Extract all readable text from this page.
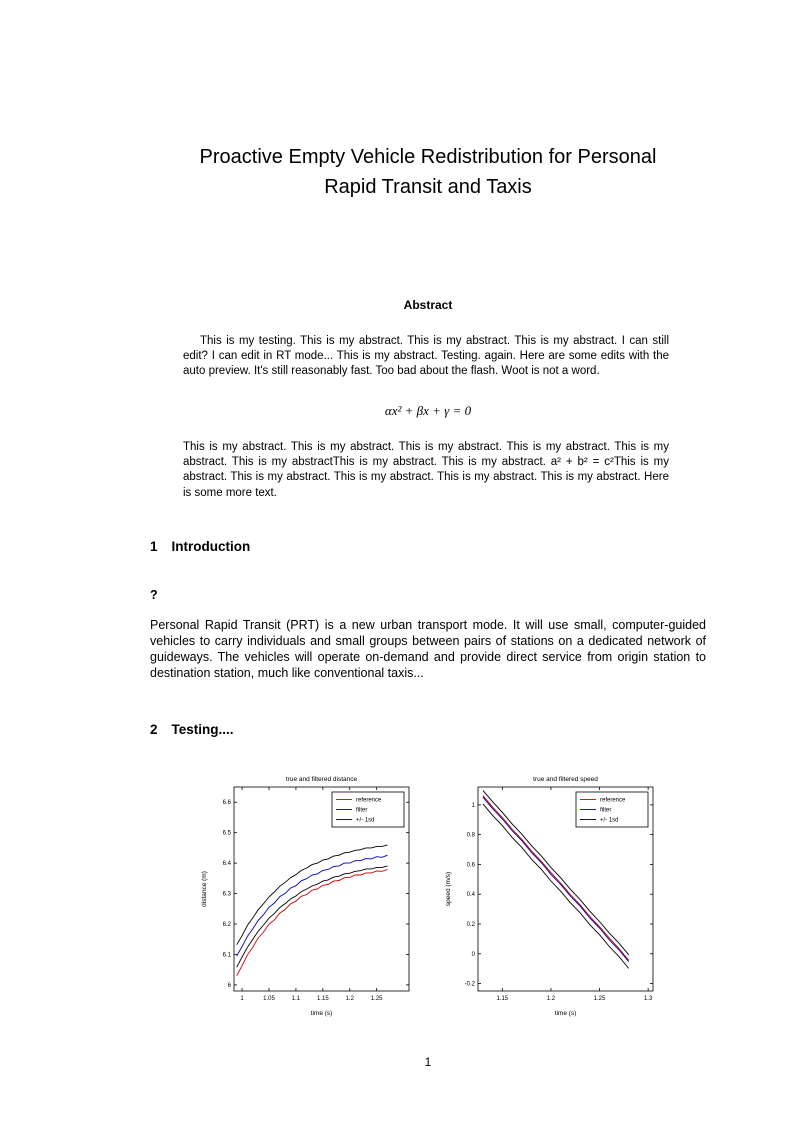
Proactive Empty Vehicle Redistribution for Personal
Rapid Transit and Taxis
Abstract

This is my testing. This is my abstract. This is my abstract. This is my abstract. I can still edit? I can edit in RT mode... This is my abstract. Testing. again. Here are some edits with the auto preview. It's still reasonably fast. Too bad about the flash. Woot is not a word.

αx² + βx + γ = 0

This is my abstract. This is my abstract. This is my abstract. This is my abstract. This is my abstract. This is my abstractThis is my abstract. This is my abstract. a² + b² = c²This is my abstract. This is my abstract. This is my abstract. This is my abstract. This is my abstract. Here is some more text.

1 Introduction

?

Personal Rapid Transit (PRT) is a new urban transport mode. It will use small, computer-guided vehicles to carry individuals and small groups between pairs of stations on a dedicated network of guideways. The vehicles will operate on-demand and provide direct service from origin station to destination station, much like conventional taxis...

2 Testing....
true and filtered distance
1	1.05	1.1	1.15	1.2	1.25
6
6.1
6.2
6.3
6.4
6.5
6.6
time (s)
distance (m)
reference
filter
+/- 1sd
true and filtered speed
1.15	1.2	1.25	1.3
-0.2
0
0.2
0.4
0.6
0.8
1
time (s)
speed (m/s)
reference
filter
+/- 1sd
1
